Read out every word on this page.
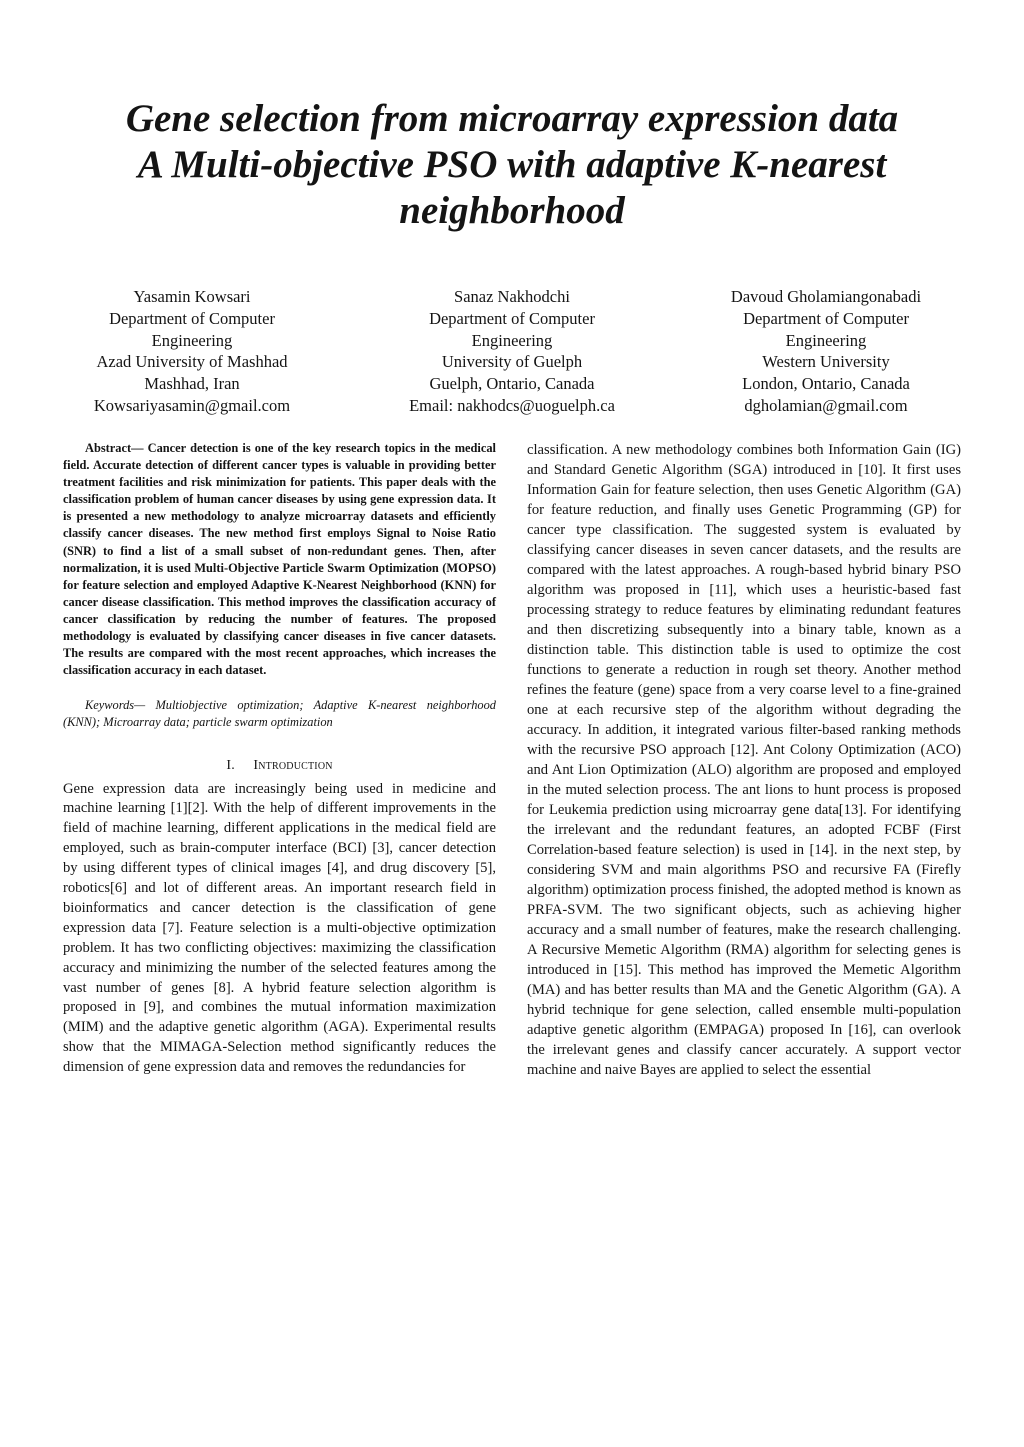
Gene selection from microarray expression data
A Multi-objective PSO with adaptive K-nearest
neighborhood
Yasamin Kowsari
Department of Computer
Engineering
Azad University of Mashhad
Mashhad, Iran
Kowsariyasamin@gmail.com
Sanaz Nakhodchi
Department of Computer
Engineering
University of Guelph
Guelph, Ontario, Canada
Email: nakhodcs@uoguelph.ca
Davoud Gholamiangonabadi
Department of Computer
Engineering
Western University
London, Ontario, Canada
dgholamian@gmail.com

Abstract— Cancer detection is one of the key research topics in the medical field. Accurate detection of different cancer types is valuable in providing better treatment facilities and risk minimization for patients. This paper deals with the classification problem of human cancer diseases by using gene expression data. It is presented a new methodology to analyze microarray datasets and efficiently classify cancer diseases. The new method first employs Signal to Noise Ratio (SNR) to find a list of a small subset of non-redundant genes. Then, after normalization, it is used Multi-Objective Particle Swarm Optimization (MOPSO) for feature selection and employed Adaptive K-Nearest Neighborhood (KNN) for cancer disease classification. This method improves the classification accuracy of cancer classification by reducing the number of features. The proposed methodology is evaluated by classifying cancer diseases in five cancer datasets. The results are compared with the most recent approaches, which increases the classification accuracy in each dataset.

Keywords— Multiobjective optimization; Adaptive K-nearest neighborhood (KNN); Microarray data; particle swarm optimization

I. Introduction

Gene expression data are increasingly being used in medicine and machine learning [1][2]. With the help of different improvements in the field of machine learning, different applications in the medical field are employed, such as brain-computer interface (BCI) [3], cancer detection by using different types of clinical images [4], and drug discovery [5], robotics[6] and lot of different areas. An important research field in bioinformatics and cancer detection is the classification of gene expression data [7]. Feature selection is a multi-objective optimization problem. It has two conflicting objectives: maximizing the classification accuracy and minimizing the number of the selected features among the vast number of genes [8]. A hybrid feature selection algorithm is proposed in [9], and combines the mutual information maximization (MIM) and the adaptive genetic algorithm (AGA). Experimental results show that the MIMAGA-Selection method significantly reduces the dimension of gene expression data and removes the redundancies for

classification. A new methodology combines both Information Gain (IG) and Standard Genetic Algorithm (SGA) introduced in [10]. It first uses Information Gain for feature selection, then uses Genetic Algorithm (GA) for feature reduction, and finally uses Genetic Programming (GP) for cancer type classification. The suggested system is evaluated by classifying cancer diseases in seven cancer datasets, and the results are compared with the latest approaches. A rough-based hybrid binary PSO algorithm was proposed in [11], which uses a heuristic-based fast processing strategy to reduce features by eliminating redundant features and then discretizing subsequently into a binary table, known as a distinction table. This distinction table is used to optimize the cost functions to generate a reduction in rough set theory. Another method refines the feature (gene) space from a very coarse level to a fine-grained one at each recursive step of the algorithm without degrading the accuracy. In addition, it integrated various filter-based ranking methods with the recursive PSO approach [12]. Ant Colony Optimization (ACO) and Ant Lion Optimization (ALO) algorithm are proposed and employed in the muted selection process. The ant lions to hunt process is proposed for Leukemia prediction using microarray gene data[13]. For identifying the irrelevant and the redundant features, an adopted FCBF (First Correlation-based feature selection) is used in [14]. in the next step, by considering SVM and main algorithms PSO and recursive FA (Firefly algorithm) optimization process finished, the adopted method is known as PRFA-SVM. The two significant objects, such as achieving higher accuracy and a small number of features, make the research challenging. A Recursive Memetic Algorithm (RMA) algorithm for selecting genes is introduced in [15]. This method has improved the Memetic Algorithm (MA) and has better results than MA and the Genetic Algorithm (GA). A hybrid technique for gene selection, called ensemble multi-population adaptive genetic algorithm (EMPAGA) proposed In [16], can overlook the irrelevant genes and classify cancer accurately. A support vector machine and naive Bayes are applied to select the essential
